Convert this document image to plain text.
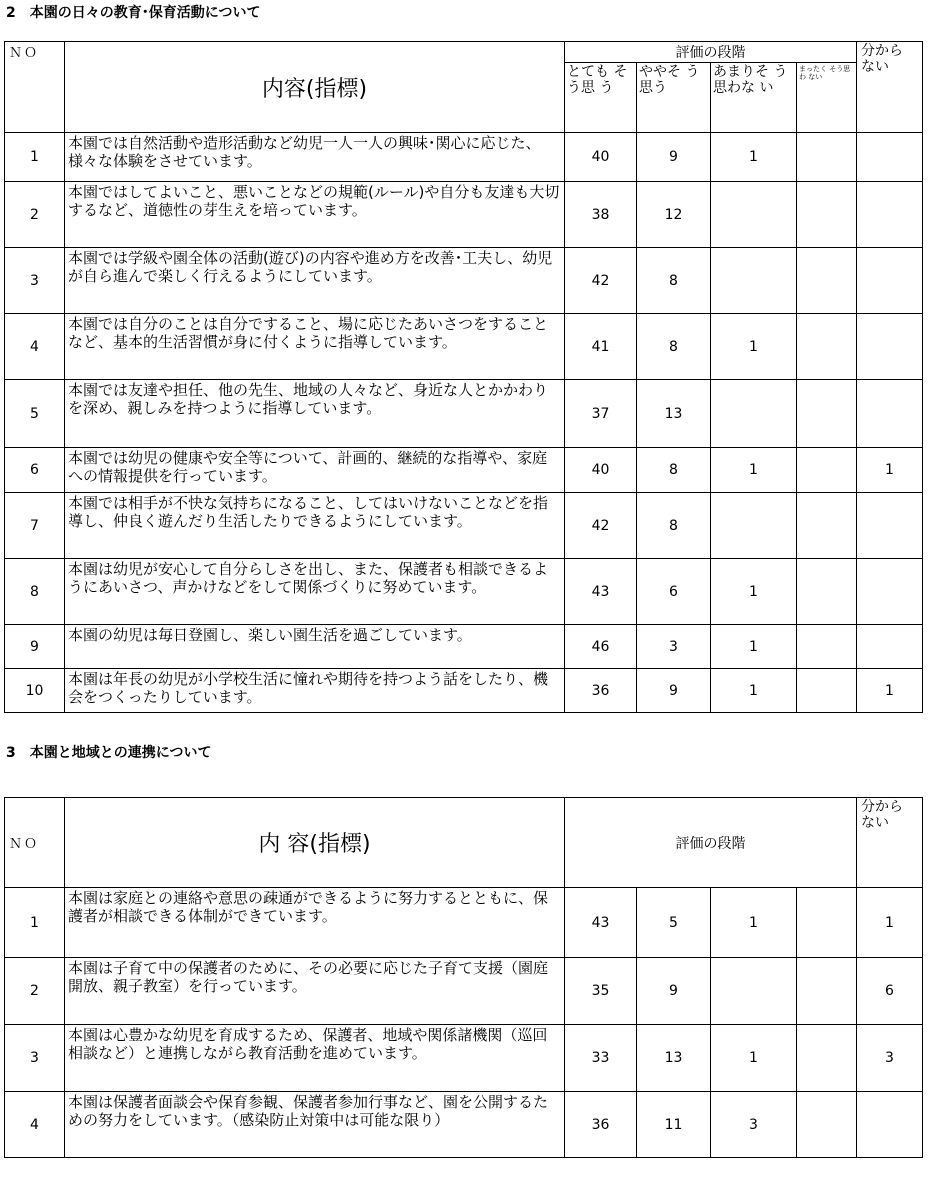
2　本園の日々の教育･保育活動について
ＮＯ	内容(指標)	評価の段階				分から ない
		とても そ う思 う	ややそ う 思う	あまりそ う思わな い	まったく そう思わ ない	
1	本園では自然活動や造形活動など幼児一人一人の興味･関心に応じた、様々な体験をさせています。	40	9	1		
2	本園ではしてよいこと、悪いことなどの規範(ルール)や自分も友達も大切するなど、道徳性の芽生えを培っています。	38	12			
3	本園では学級や園全体の活動(遊び)の内容や進め方を改善･工夫し、幼児が自ら進んで楽しく行えるようにしています。	42	8			
4	本園では自分のことは自分ですること、場に応じたあいさつをすることなど、基本的生活習慣が身に付くように指導しています。	41	8	1		
5	本園では友達や担任、他の先生、地域の人々など、身近な人とかかわりを深め、親しみを持つように指導しています。	37	13			
6	本園では幼児の健康や安全等について、計画的、継続的な指導や、家庭への情報提供を行っています。	40	8	1		1
7	本園では相手が不快な気持ちになること、してはいけないことなどを指導し、仲良く遊んだり生活したりできるようにしています。	42	8			
8	本園は幼児が安心して自分らしさを出し、また、保護者も相談できるようにあいさつ、声かけなどをして関係づくりに努めています。	43	6	1		
9	本園の幼児は毎日登園し、楽しい園生活を過ごしています。	46	3	1		
10	本園は年長の幼児が小学校生活に憧れや期待を持つよう話をしたり、機会をつくったりしています。	36	9	1		1
3　本園と地域との連携について
ＮＯ	内 容(指標)	評価の段階				分から ない
1	本園は家庭との連絡や意思の疎通ができるように努力するとともに、保護者が相談できる体制ができています。	43	5	1		1
2	本園は子育て中の保護者のために、その必要に応じた子育て支援（園庭開放、親子教室）を行っています。	35	9			6
3	本園は心豊かな幼児を育成するため、保護者、地域や関係諸機関（巡回相談など）と連携しながら教育活動を進めています。	33	13	1		3
4	本園は保護者面談会や保育参観、保護者参加行事など、園を公開するための努力をしています。（感染防止対策中は可能な限り）	36	11	3		
